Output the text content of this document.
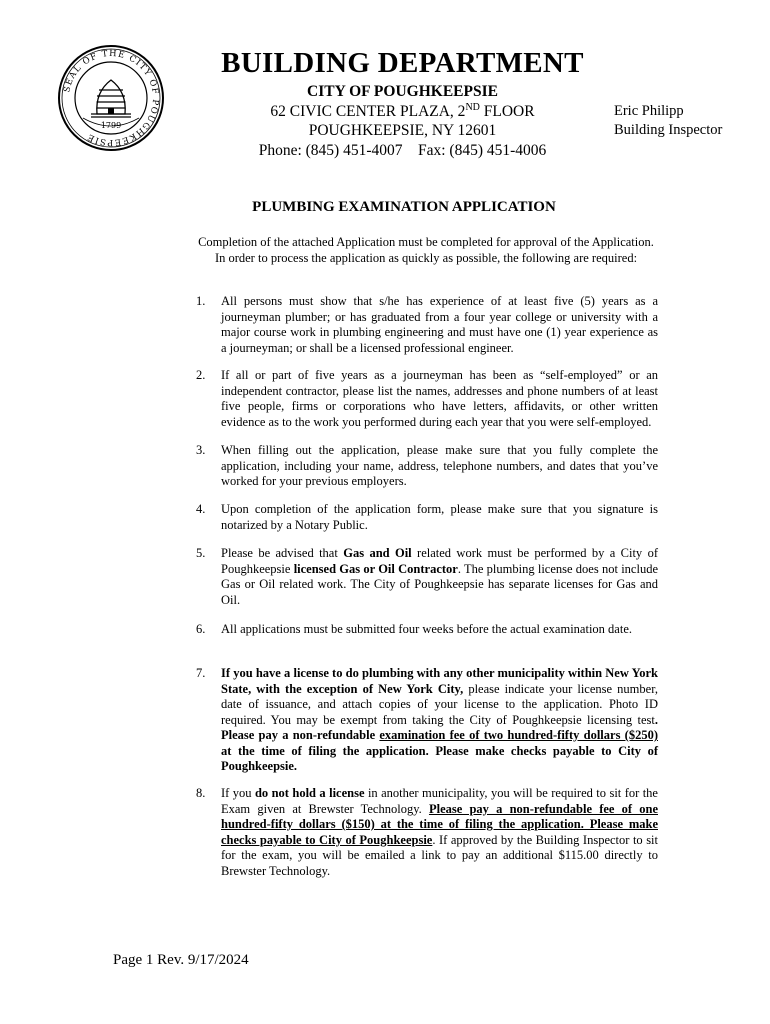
SEAL OF THE CITY OF POUGHKEEPSIE
1799
BUILDING DEPARTMENT
CITY OF POUGHKEEPSIE
62 CIVIC CENTER PLAZA, 2ND FLOOR
POUGHKEEPSIE, NY 12601
Phone: (845) 451-4007 Fax: (845) 451-4006
Eric Philipp
Building Inspector
PLUMBING EXAMINATION APPLICATION
Completion of the attached Application must be completed for approval of the Application.
In order to process the application as quickly as possible, the following are required:
1. All persons must show that s/he has experience of at least five (5) years as a journeyman plumber; or has graduated from a four year college or university with a major course work in plumbing engineering and must have one (1) year experience as a journeyman; or shall be a licensed professional engineer.
2. If all or part of five years as a journeyman has been as “self-employed” or an independent contractor, please list the names, addresses and phone numbers of at least five people, firms or corporations who have letters, affidavits, or other written evidence as to the work you performed during each year that you were self-employed.
3. When filling out the application, please make sure that you fully complete the application, including your name, address, telephone numbers, and dates that you’ve worked for your previous employers.
4. Upon completion of the application form, please make sure that you signature is notarized by a Notary Public.
5. Please be advised that Gas and Oil related work must be performed by a City of Poughkeepsie licensed Gas or Oil Contractor. The plumbing license does not include Gas or Oil related work. The City of Poughkeepsie has separate licenses for Gas and Oil.
6. All applications must be submitted four weeks before the actual examination date.
7. If you have a license to do plumbing with any other municipality within New York State, with the exception of New York City, please indicate your license number, date of issuance, and attach copies of your license to the application. Photo ID required. You may be exempt from taking the City of Poughkeepsie licensing test. Please pay a non-refundable examination fee of two hundred-fifty dollars ($250) at the time of filing the application. Please make checks payable to City of Poughkeepsie.
8. If you do not hold a license in another municipality, you will be required to sit for the Exam given at Brewster Technology. Please pay a non-refundable fee of one hundred-fifty dollars ($150) at the time of filing the application. Please make checks payable to City of Poughkeepsie. If approved by the Building Inspector to sit for the exam, you will be emailed a link to pay an additional $115.00 directly to Brewster Technology.
Page 1 Rev. 9/17/2024
